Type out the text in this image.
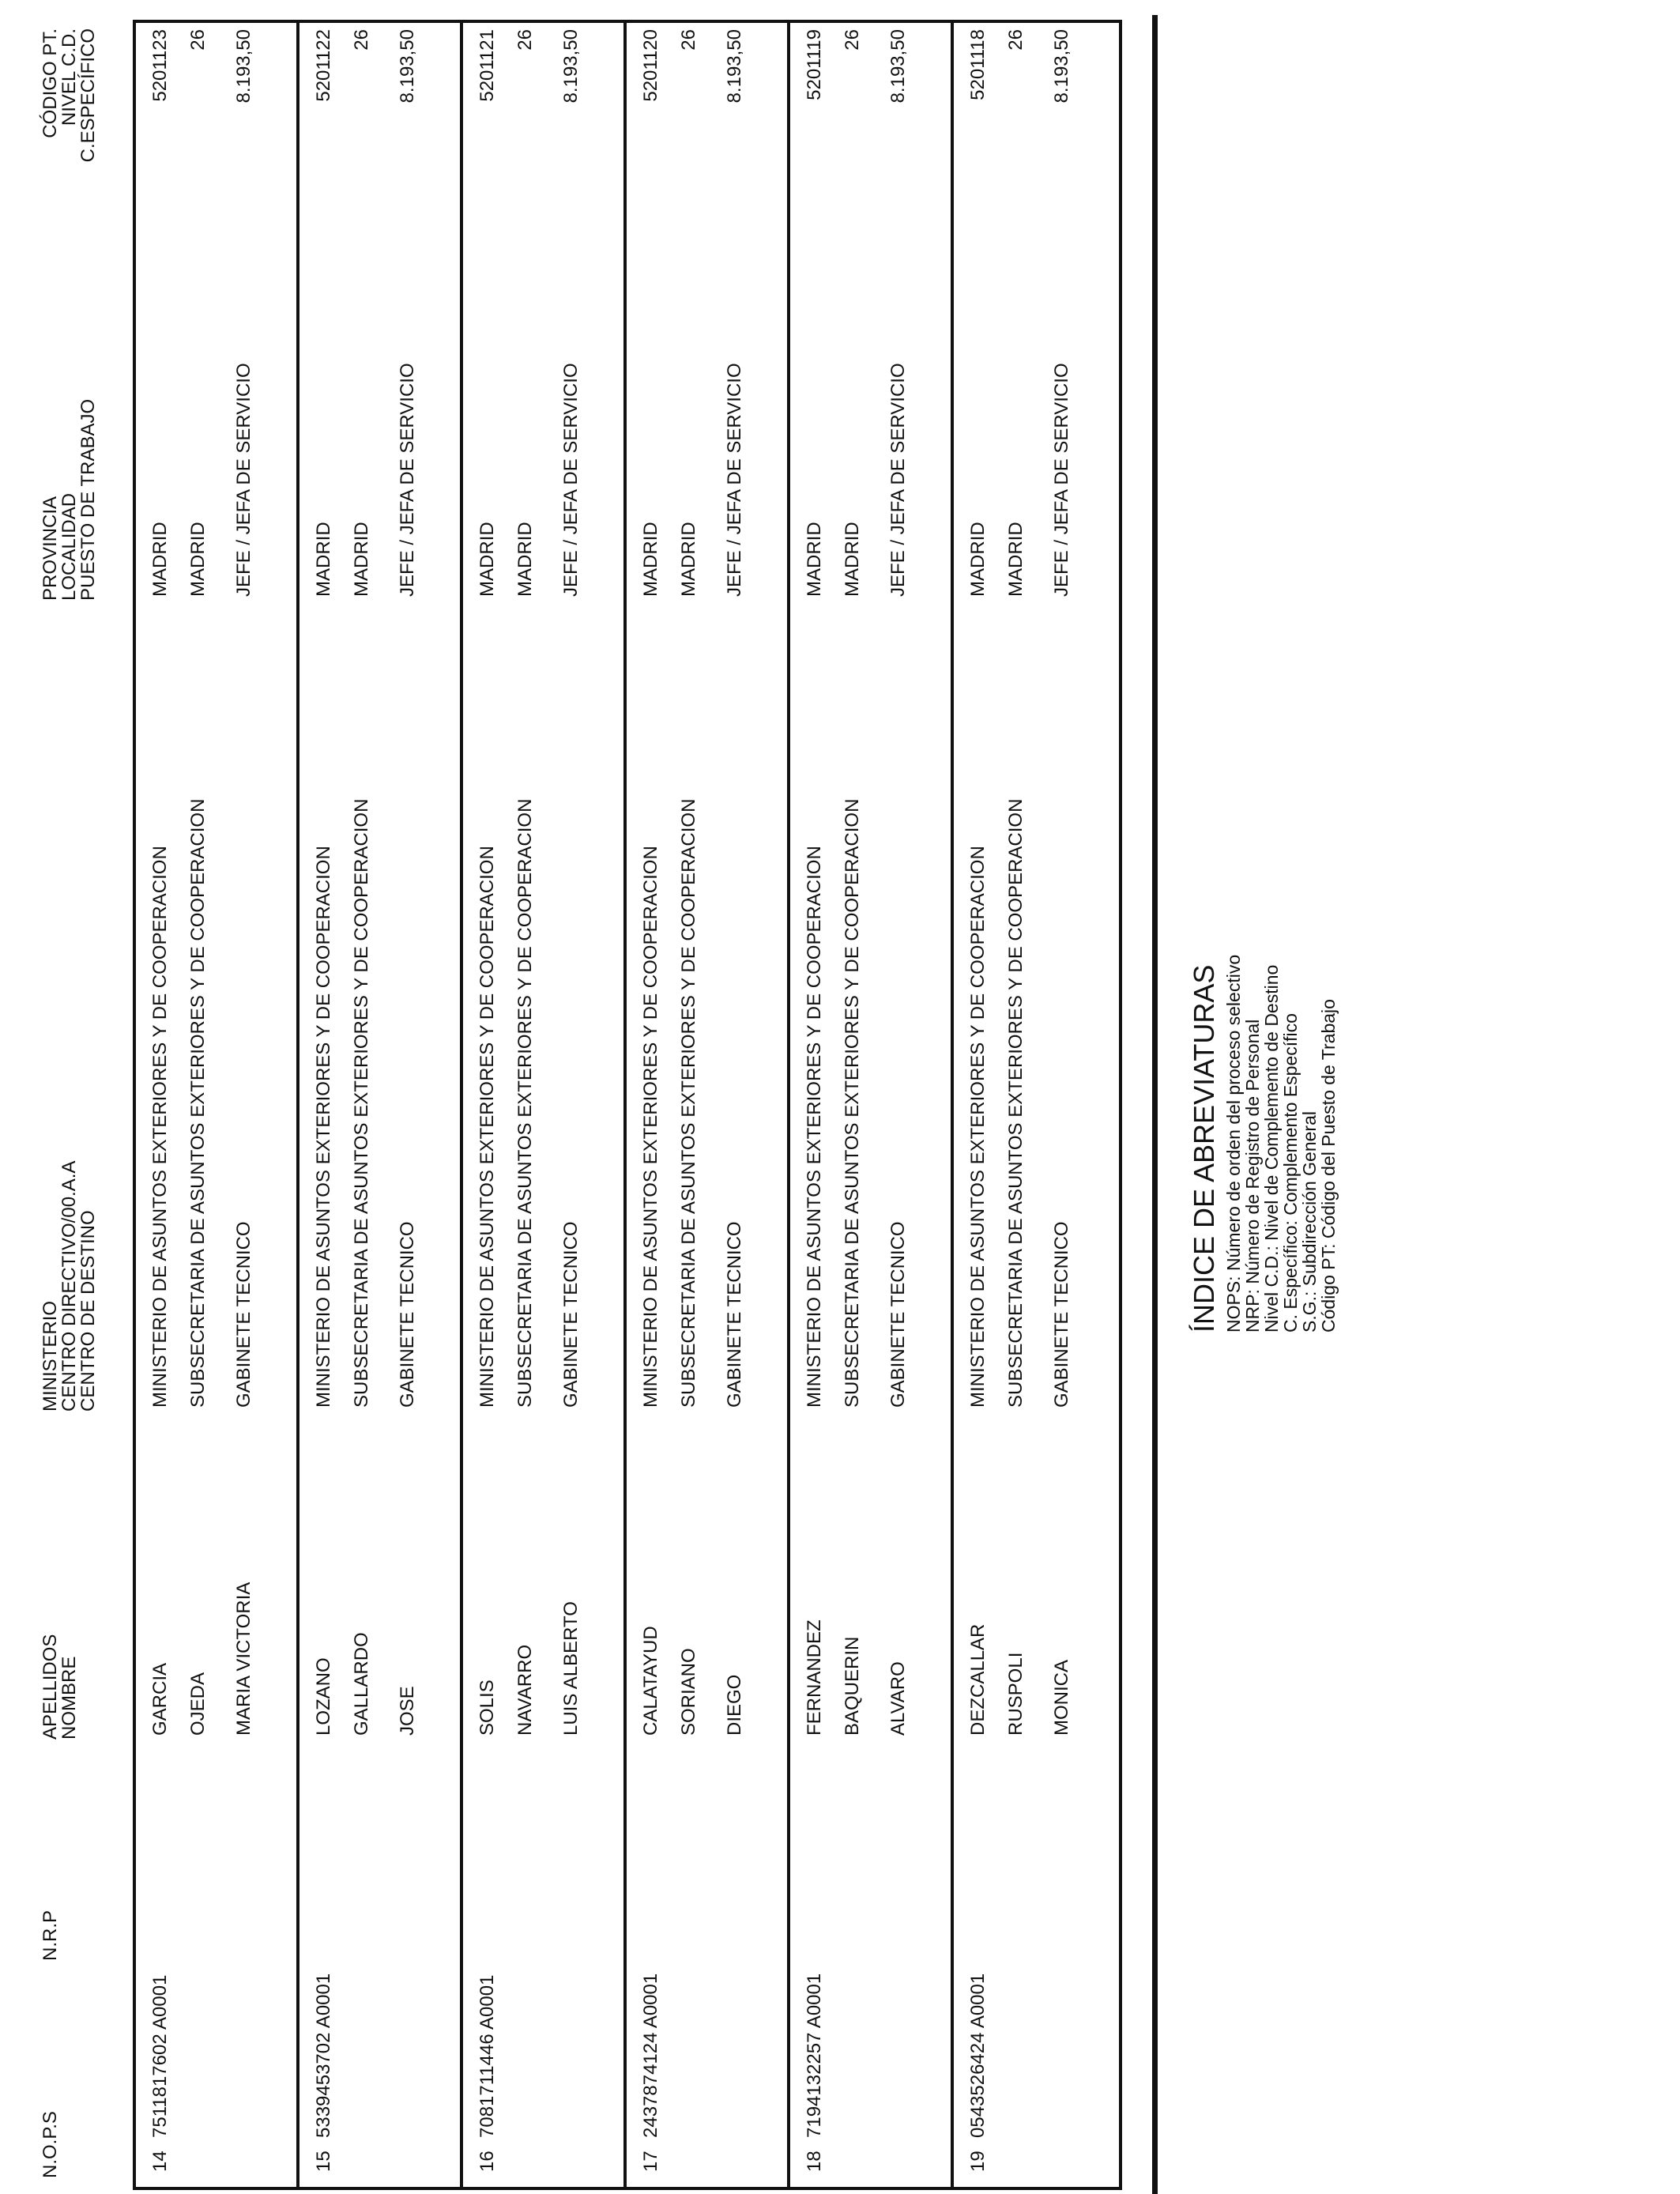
N.O.P.S
N.R.P
APELLIDOS
NOMBRE
MINISTERIO
CENTRO DIRECTIVO/00.A.A
CENTRO DE DESTINO
PROVINCIA
LOCALIDAD
PUESTO DE TRABAJO
CÓDIGO PT.
NIVEL C.D.
C.ESPECÍFICO
14
7511817602 A0001
GARCIA OJEDA MARIA VICTORIA
MINISTERIO DE ASUNTOS EXTERIORES Y DE COOPERACION SUBSECRETARIA DE ASUNTOS EXTERIORES Y DE COOPERACION GABINETE TECNICO
MADRID MADRID JEFE / JEFA DE SERVICIO
5201123 26 8.193,50
15
5339453702 A0001
LOZANO GALLARDO JOSE
MINISTERIO DE ASUNTOS EXTERIORES Y DE COOPERACION SUBSECRETARIA DE ASUNTOS EXTERIORES Y DE COOPERACION GABINETE TECNICO
MADRID MADRID JEFE / JEFA DE SERVICIO
5201122 26 8.193,50
16
7081711446 A0001
SOLIS NAVARRO LUIS ALBERTO
MINISTERIO DE ASUNTOS EXTERIORES Y DE COOPERACION SUBSECRETARIA DE ASUNTOS EXTERIORES Y DE COOPERACION GABINETE TECNICO
MADRID MADRID JEFE / JEFA DE SERVICIO
5201121 26 8.193,50
17
2437874124 A0001
CALATAYUD SORIANO DIEGO
MINISTERIO DE ASUNTOS EXTERIORES Y DE COOPERACION SUBSECRETARIA DE ASUNTOS EXTERIORES Y DE COOPERACION GABINETE TECNICO
MADRID MADRID JEFE / JEFA DE SERVICIO
5201120 26 8.193,50
18
7194132257 A0001
FERNANDEZ BAQUERIN ALVARO
MINISTERIO DE ASUNTOS EXTERIORES Y DE COOPERACION SUBSECRETARIA DE ASUNTOS EXTERIORES Y DE COOPERACION GABINETE TECNICO
MADRID MADRID JEFE / JEFA DE SERVICIO
5201119 26 8.193,50
19
0543526424 A0001
DEZCALLAR RUSPOLI MONICA
MINISTERIO DE ASUNTOS EXTERIORES Y DE COOPERACION SUBSECRETARIA DE ASUNTOS EXTERIORES Y DE COOPERACION GABINETE TECNICO
MADRID MADRID JEFE / JEFA DE SERVICIO
5201118 26 8.193,50
ÍNDICE DE ABREVIATURAS NOPS: Número de orden del proceso selectivo
NRP: Número de Registro de Personal
Nivel C.D.: Nivel de Complemento de Destino
C. Específico: Complemento Específico
S.G.: Subdirección General
Código PT: Código del Puesto de Trabajo
